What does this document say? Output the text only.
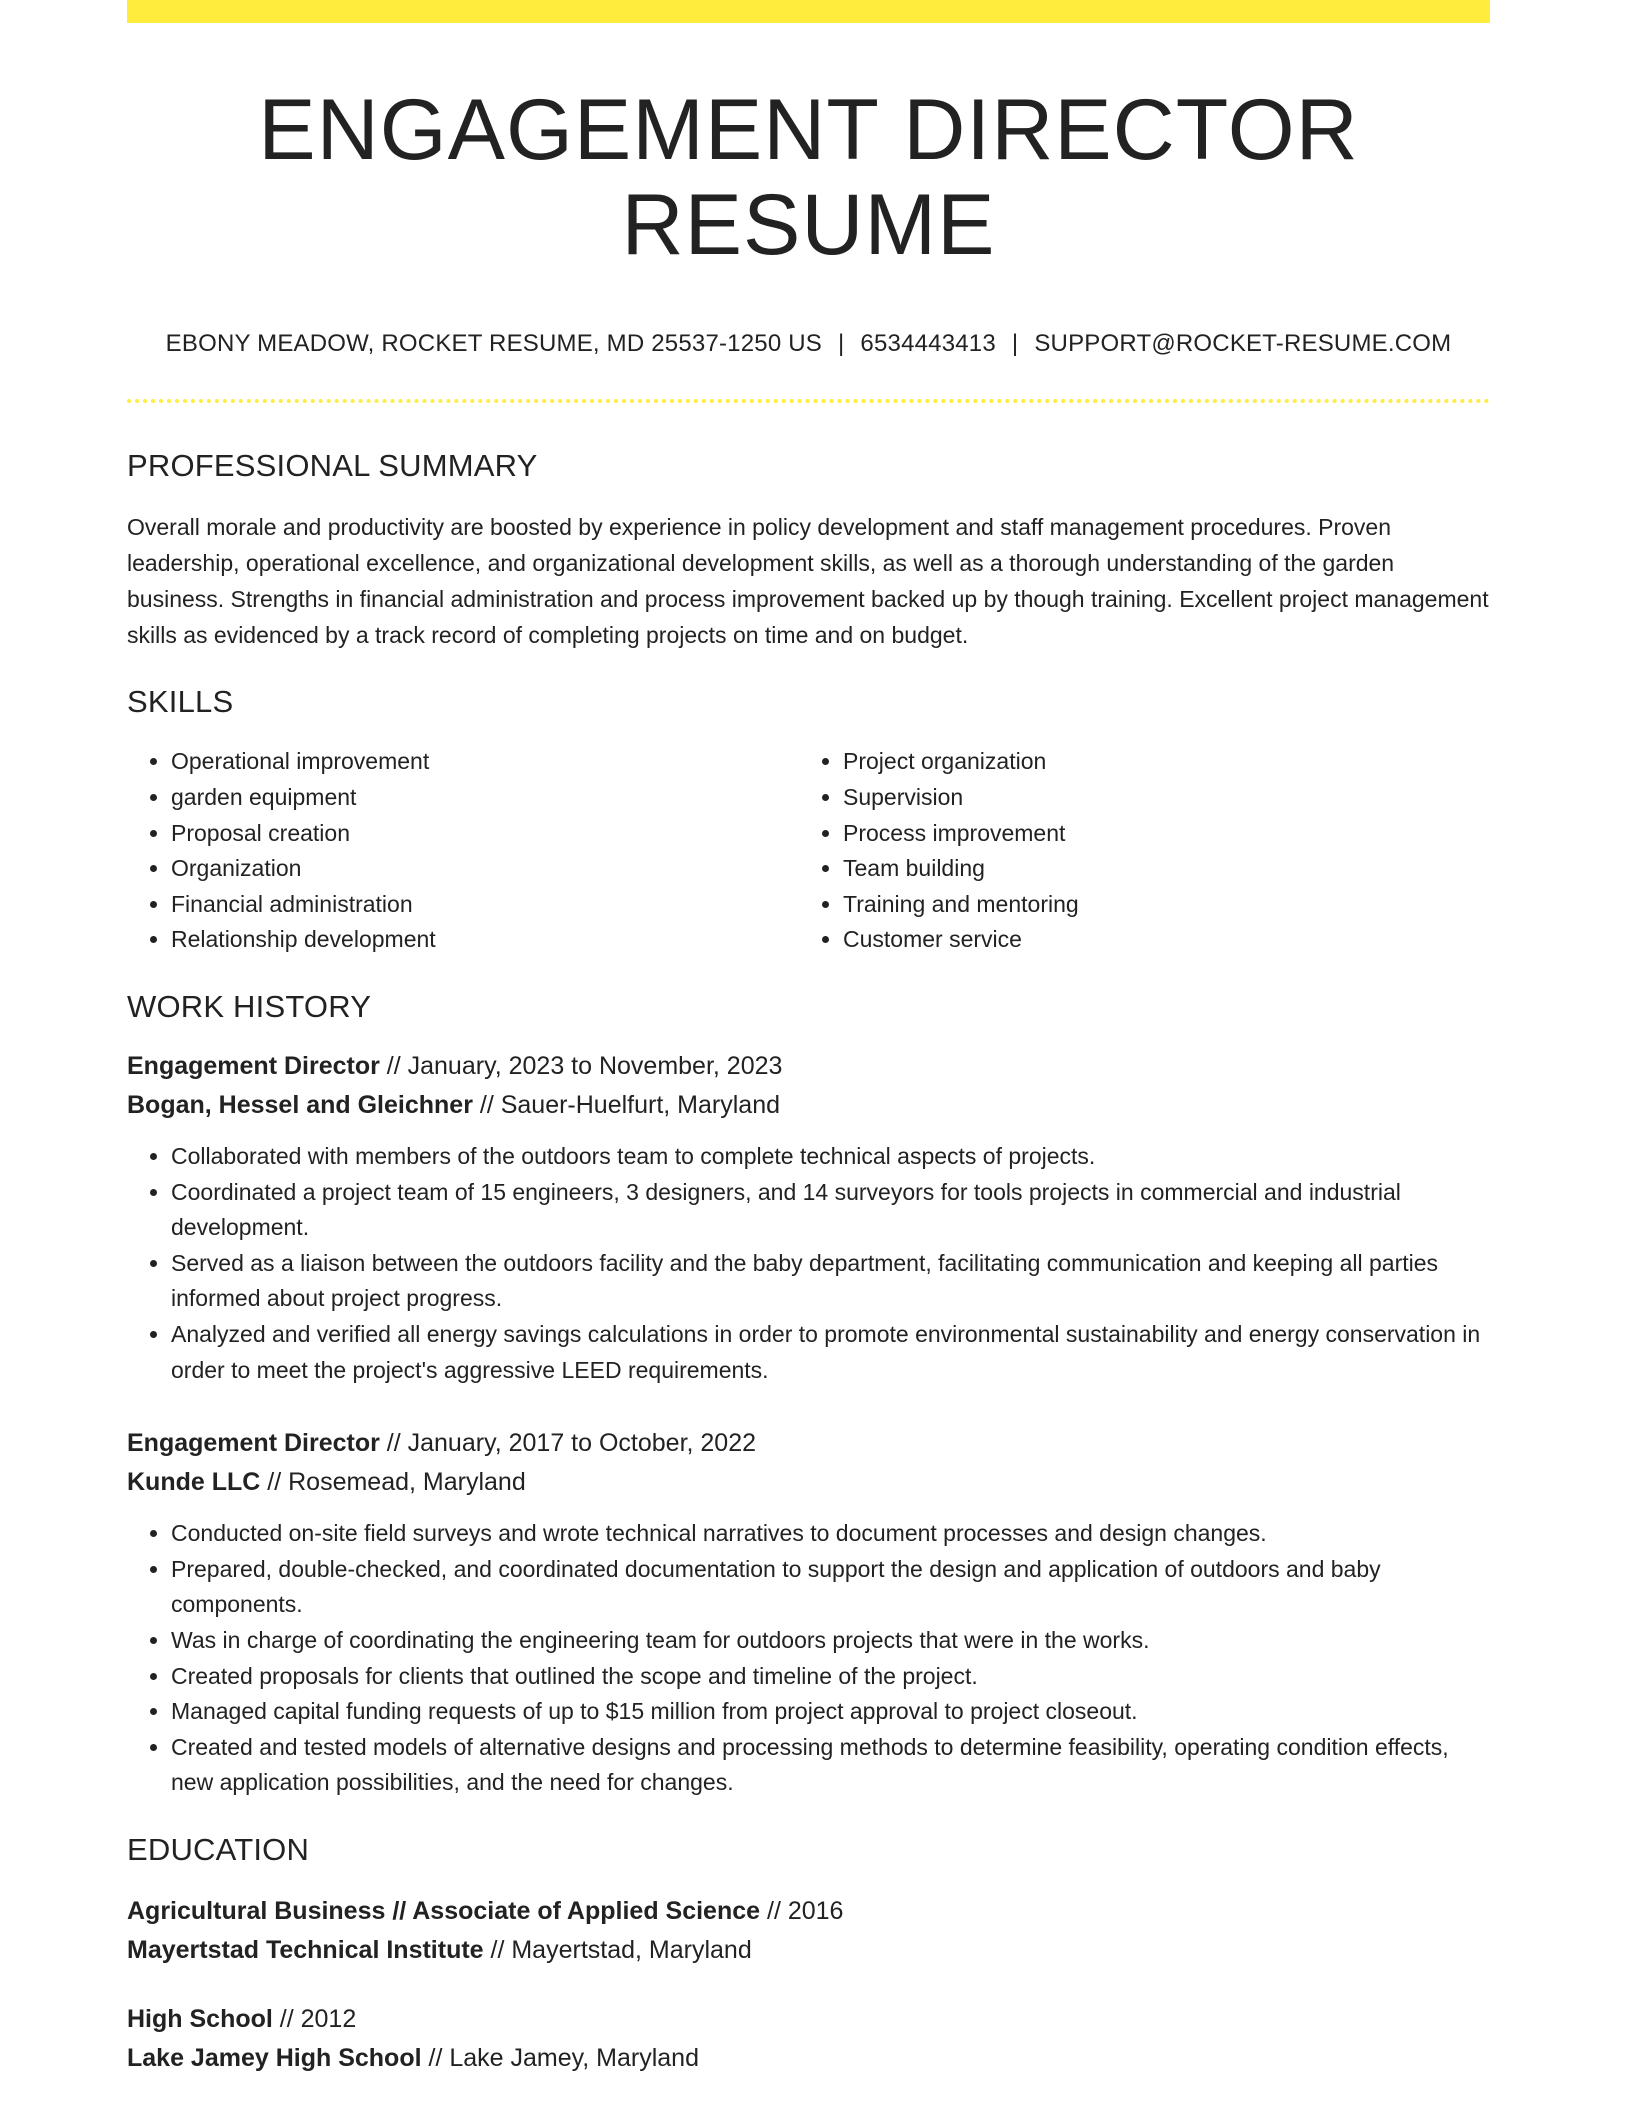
ENGAGEMENT DIRECTOR RESUME
EBONY MEADOW, ROCKET RESUME, MD 25537-1250 US | 6534443413 | SUPPORT@ROCKET-RESUME.COM
PROFESSIONAL SUMMARY
Overall morale and productivity are boosted by experience in policy development and staff management procedures. Proven leadership, operational excellence, and organizational development skills, as well as a thorough understanding of the garden business. Strengths in financial administration and process improvement backed up by though training. Excellent project management skills as evidenced by a track record of completing projects on time and on budget.
SKILLS
• Operational improvement
• garden equipment
• Proposal creation
• Organization
• Financial administration
• Relationship development
• Project organization
• Supervision
• Process improvement
• Team building
• Training and mentoring
• Customer service
WORK HISTORY
Engagement Director // January, 2023 to November, 2023
Bogan, Hessel and Gleichner // Sauer-Huelfurt, Maryland
• Collaborated with members of the outdoors team to complete technical aspects of projects.
• Coordinated a project team of 15 engineers, 3 designers, and 14 surveyors for tools projects in commercial and industrial development.
• Served as a liaison between the outdoors facility and the baby department, facilitating communication and keeping all parties informed about project progress.
• Analyzed and verified all energy savings calculations in order to promote environmental sustainability and energy conservation in order to meet the project's aggressive LEED requirements.
Engagement Director // January, 2017 to October, 2022
Kunde LLC // Rosemead, Maryland
• Conducted on-site field surveys and wrote technical narratives to document processes and design changes.
• Prepared, double-checked, and coordinated documentation to support the design and application of outdoors and baby components.
• Was in charge of coordinating the engineering team for outdoors projects that were in the works.
• Created proposals for clients that outlined the scope and timeline of the project.
• Managed capital funding requests of up to $15 million from project approval to project closeout.
• Created and tested models of alternative designs and processing methods to determine feasibility, operating condition effects, new application possibilities, and the need for changes.
EDUCATION
Agricultural Business // Associate of Applied Science // 2016
Mayertstad Technical Institute // Mayertstad, Maryland
High School // 2012
Lake Jamey High School // Lake Jamey, Maryland
